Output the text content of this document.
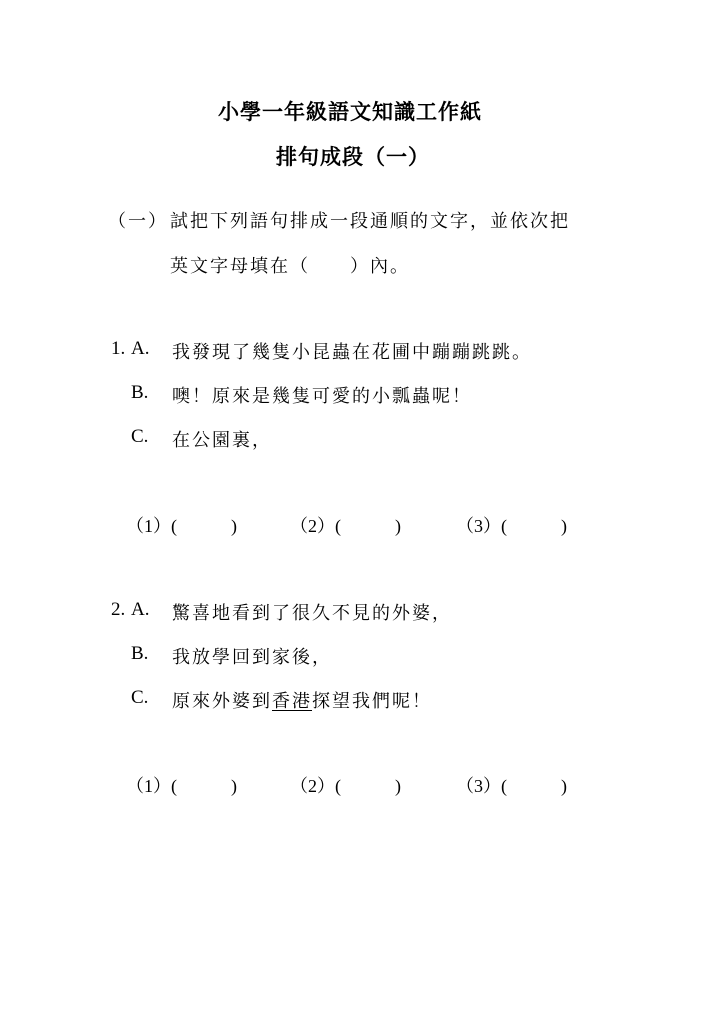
小學一年級語文知識工作紙
排句成段（一）
（一） 試把下列語句排成一段通順的文字，並依次把
英文字母填在（　　）內。
1. A. 我發現了幾隻小昆蟲在花圃中蹦蹦跳跳。
B. 噢！原來是幾隻可愛的小瓢蟲呢！
C. 在公園裏，
（1）(　　　)	（2）(　　　)	（3）(　　　)
2. A. 驚喜地看到了很久不見的外婆，
B. 我放學回到家後，
C. 原來外婆到香港探望我們呢！
（1）(　　　)	（2）(　　　)	（3）(　　　)
